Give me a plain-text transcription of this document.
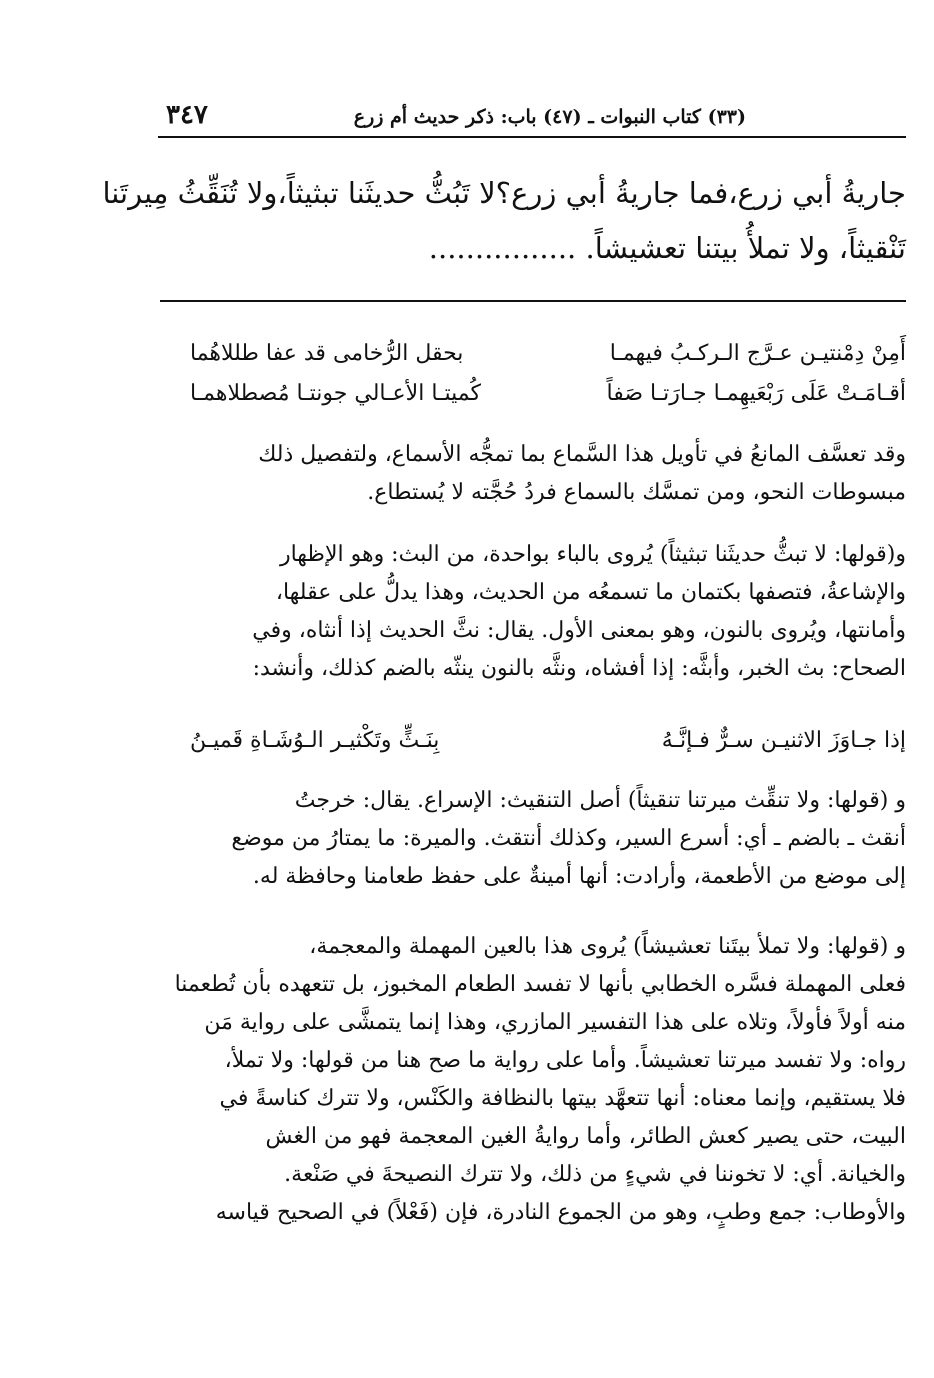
(٣٣) كتاب النبوات ـ (٤٧) باب: ذكر حديث أم زرع
٣٤٧
جاريةُ أبي زرع،فما جاريةُ أبي زرع؟لا تَبُثُّ حديثَنا تبثيثاً،ولا تُنَقِّثُ مِيرتَنا
تَنْقيثاً، ولا تملأُ بيتنا تعشيشاً. ................
أَمِنْ دِمْنتيـن عـرَّج الـركـبُ فيهمـا
بحقل الرُّخامى قد عفا طللاهُما
أقـامَـتْ عَلَى رَبْعَيهِمـا جـارَتـا صَفاً
كُميتـا الأعـالي جونتـا مُصطلاهمـا
وقد تعسَّف المانعُ في تأويل هذا السَّماع بما تمجُّه الأسماع، ولتفصيل ذلك
مبسوطات النحو، ومن تمسَّك بالسماع فردُ حُجَّته لا يُستطاع.
و(قولها: لا تبثُّ حديثَنا تبثيثاً) يُروى بالباء بواحدة، من البث: وهو الإظهار
والإشاعةُ، فتصفها بكتمان ما تسمعُه من الحديث، وهذا يدلُّ على عقلها،
وأمانتها، ويُروى بالنون، وهو بمعنى الأول. يقال: نثَّ الحديث إذا أنثاه، وفي
الصحاح: بث الخبر، وأبثَّه: إذا أفشاه، ونثَّه بالنون ينثّه بالضم كذلك، وأنشد:
إذا جـاوَزَ الاثنيـن سـرٌّ فـإنَّـهُ
بِنَـثٍّ وتَكْثيـر الـوُشَـاةِ قَميـنُ
و (قولها: ولا تنقِّث ميرتنا تنقيثاً) أصل التنقيث: الإسراع. يقال: خرجتُ
أنقث ـ بالضم ـ أي: أسرع السير، وكذلك أنتقث. والميرة: ما يمتارُ من موضع
إلى موضع من الأطعمة، وأرادت: أنها أمينةٌ على حفظ طعامنا وحافظة له.
و (قولها: ولا تملأ بيتَنا تعشيشاً) يُروى هذا بالعين المهملة والمعجمة،
فعلى المهملة فسَّره الخطابي بأنها لا تفسد الطعام المخبوز، بل تتعهده بأن تُطعمنا
منه أولاً فأولاً، وتلاه على هذا التفسير المازري، وهذا إنما يتمشَّى على رواية مَن
رواه: ولا تفسد ميرتنا تعشيشاً. وأما على رواية ما صح هنا من قولها: ولا تملأ،
فلا يستقيم، وإنما معناه: أنها تتعهَّد بيتها بالنظافة والكَنْس، ولا تترك كناسةً في
البيت، حتى يصير كعش الطائر، وأما روايةُ الغين المعجمة فهو من الغش
والخيانة. أي: لا تخوننا في شيءٍ من ذلك، ولا تترك النصيحةَ في صَنْعة.
والأوطاب: جمع وطبٍ، وهو من الجموع النادرة، فإن (فَعْلاً) في الصحيح قياسه
